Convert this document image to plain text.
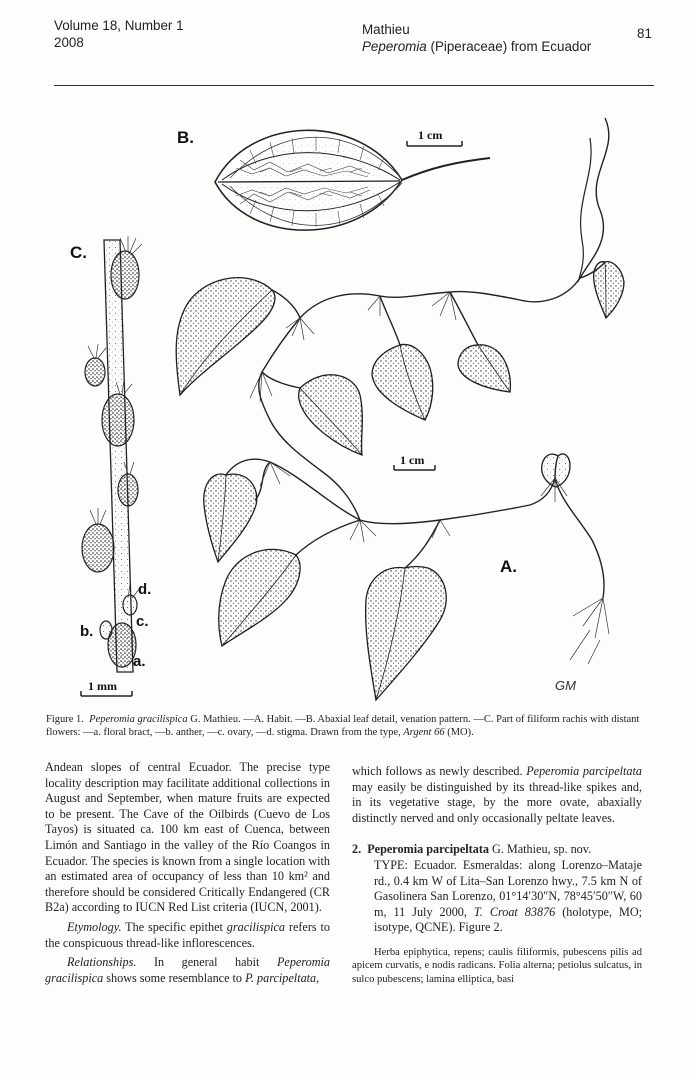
Volume 18, Number 1
2008
Mathieu
Peperomia (Piperaceae) from Ecuador
81
B.	1 cm
A.
1 cm
GM
C.
d.
c.
b.
a.
1 mm
Figure 1. Peperomia gracilispica G. Mathieu. —A. Habit. —B. Abaxial leaf detail, venation pattern. —C. Part of filiform rachis with distant flowers: —a. floral bract, —b. anther, —c. ovary, —d. stigma. Drawn from the type, Argent 66 (MO).

Andean slopes of central Ecuador. The precise type locality description may facilitate additional collections in August and September, when mature fruits are expected to be present. The Cave of the Oilbirds (Cuevo de Los Tayos) is situated ca. 100 km east of Cuenca, between Limón and Santiago in the valley of the Río Coangos in Ecuador. The species is known from a single location with an estimated area of occupancy of less than 10 km² and therefore should be considered Critically Endangered (CR B2a) according to IUCN Red List criteria (IUCN, 2001).

Etymology. The specific epithet gracilispica refers to the conspicuous thread-like inflorescences.

Relationships. In general habit Peperomia gracilispica shows some resemblance to P. parcipeltata,

which follows as newly described. Peperomia parcipeltata may easily be distinguished by its thread-like spikes and, in its vegetative stage, by the more ovate, abaxially distinctly nerved and only occasionally peltate leaves.

2. Peperomia parcipeltata G. Mathieu, sp. nov.

TYPE: Ecuador. Esmeraldas: along Lorenzo–Mataje rd., 0.4 km W of Lita–San Lorenzo hwy., 7.5 km N of Gasolinera San Lorenzo, 01°14′30″N, 78°45′50″W, 60 m, 11 July 2000, T. Croat 83876 (holotype, MO; isotype, QCNE). Figure 2.

Herba epiphytica, repens; caulis filiformis, pubescens pilis ad apicem curvatis, e nodis radicans. Folia alterna; petiolus sulcatus, in sulco pubescens; lamina elliptica, basi
